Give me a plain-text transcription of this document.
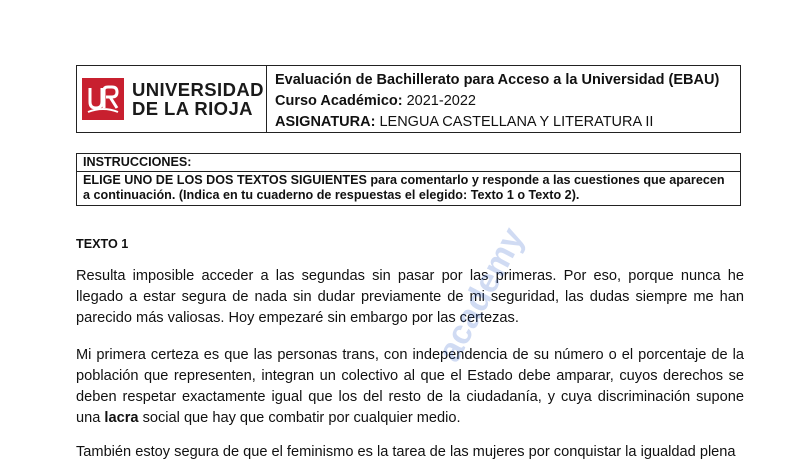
UNIVERSIDAD
DE LA RIOJA
Evaluación de Bachillerato para Acceso a la Universidad (EBAU)
Curso Académico: 2021-2022
ASIGNATURA: LENGUA CASTELLANA Y LITERATURA II
INSTRUCCIONES:
ELIGE UNO DE LOS DOS TEXTOS SIGUIENTES para comentarlo y responde a las cuestiones que aparecen a continuación. (Indica en tu cuaderno de respuestas el elegido: Texto 1 o Texto 2).
TEXTO 1

Resulta imposible acceder a las segundas sin pasar por las primeras. Por eso, porque nunca he llegado a estar segura de nada sin dudar previamente de mi seguridad, las dudas siempre me han parecido más valiosas. Hoy empezaré sin embargo por las certezas.

Mi primera certeza es que las personas trans, con independencia de su número o el porcentaje de la población que representen, integran un colectivo al que el Estado debe amparar, cuyos derechos se deben respetar exactamente igual que los del resto de la ciudadanía, y cuya discriminación supone una lacra social que hay que combatir por cualquier medio.

También estoy segura de que el feminismo es la tarea de las mujeres por conquistar la igualdad plena

academy
